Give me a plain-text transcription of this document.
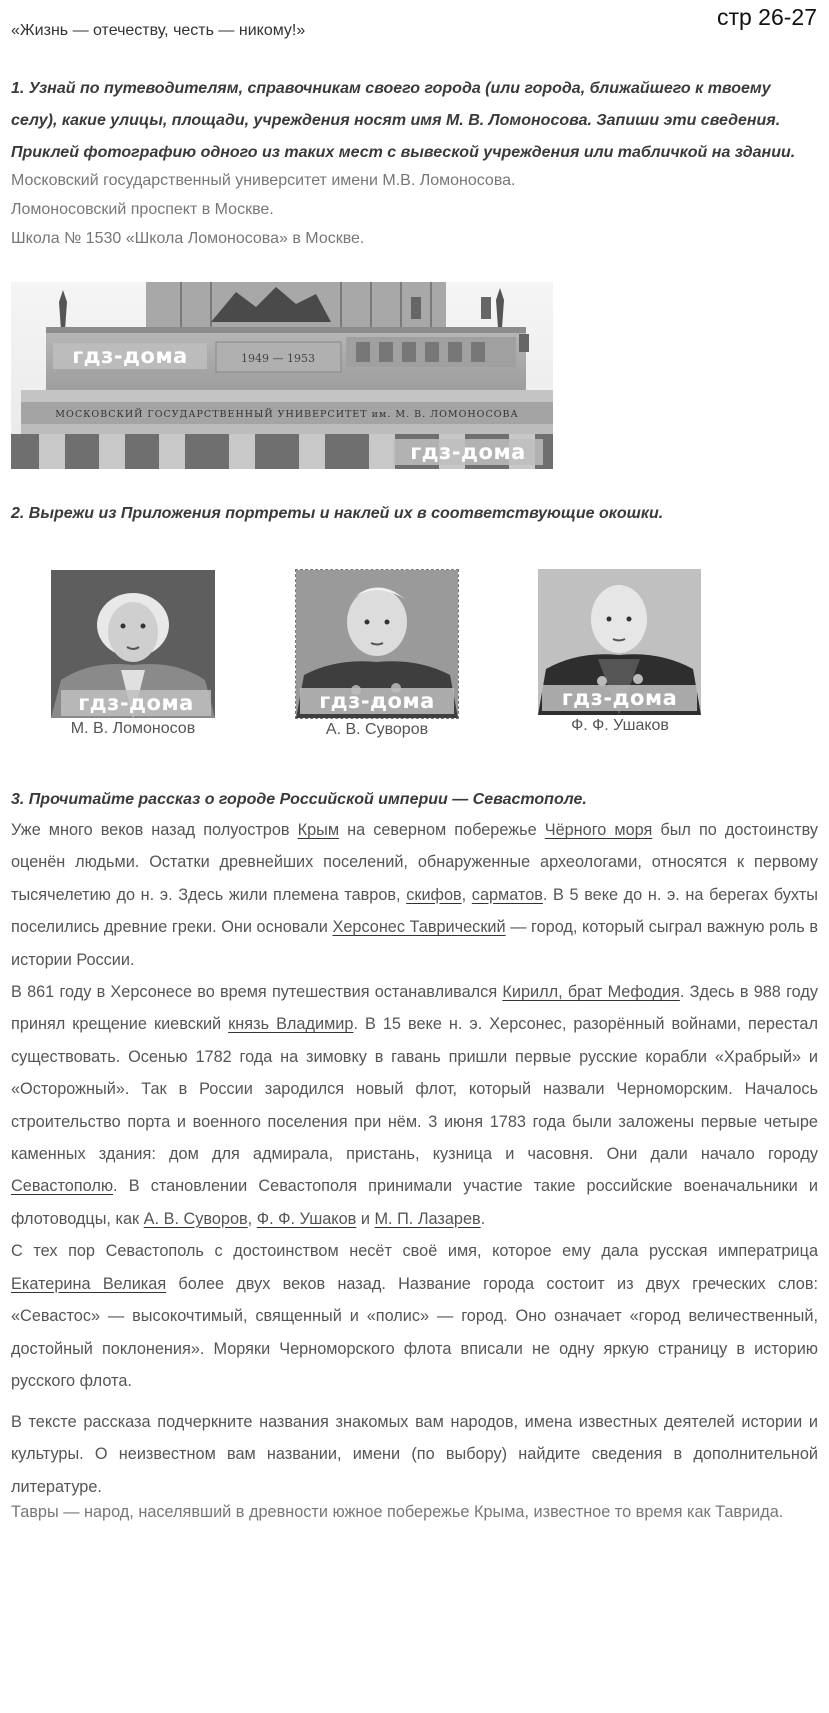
стр 26-27
«Жизнь — отечеству, честь — никому!»
1. Узнай по путеводителям, справочникам своего города (или города, ближайшего к твоему селу), какие улицы, площади, учреждения носят имя М. В. Ломоносова. Запиши эти сведения. Приклей фотографию одного из таких мест с вывеской учреждения или табличкой на здании.
Московский государственный университет имени М.В. Ломоносова.
Ломоносовский проспект в Москве.
Школа № 1530 «Школа Ломоносова» в Москве.
1949 — 1953
МОСКОВСКИЙ ГОСУДАРСТВЕННЫЙ УНИВЕРСИТЕТ им. М. В. ЛОМОНОСОВА
гдз-дома
гдз-дома
2. Вырежи из Приложения портреты и наклей их в соответствующие окошки.
гдз-дома
М. В. Ломоносов
гдз-дома
А. В. Суворов
гдз-дома
Ф. Ф. Ушаков
3. Прочитайте рассказ о городе Российской империи — Севастополе.

Уже много веков назад полуостров Крым на северном побережье Чёрного моря был по достоинству оценён людьми. Остатки древнейших поселений, обнаруженные археологами, относятся к первому тысячелетию до н. э. Здесь жили племена тавров, скифов, сарматов. В 5 веке до н. э. на берегах бухты поселились древние греки. Они основали Херсонес Таврический — город, который сыграл важную роль в истории России.

В 861 году в Херсонесе во время путешествия останавливался Кирилл, брат Мефодия. Здесь в 988 году принял крещение киевский князь Владимир. В 15 веке н. э. Херсонес, разорённый войнами, перестал существовать. Осенью 1782 года на зимовку в гавань пришли первые русские корабли «Храбрый» и «Осторожный». Так в России зародился новый флот, который назвали Черноморским. Началось строительство порта и военного поселения при нём. 3 июня 1783 года были заложены первые четыре каменных здания: дом для адмирала, пристань, кузница и часовня. Они дали начало городу Севастополю. В становлении Севастополя принимали участие такие российские военачальники и флотоводцы, как А. В. Суворов, Ф. Ф. Ушаков и М. П. Лазарев.

С тех пор Севастополь с достоинством несёт своё имя, которое ему дала русская императрица Екатерина Великая более двух веков назад. Название города состоит из двух греческих слов: «Севастос» — высокочтимый, священный и «полис» — город. Оно означает «город величественный, достойный поклонения». Моряки Черноморского флота вписали не одну яркую страницу в историю русского флота.

В тексте рассказа подчеркните названия знакомых вам народов, имена известных деятелей истории и культуры. О неизвестном вам названии, имени (по выбору) найдите сведения в дополнительной литературе.
Тавры — народ, населявший в древности южное побережье Крыма, известное то время как Таврида.
